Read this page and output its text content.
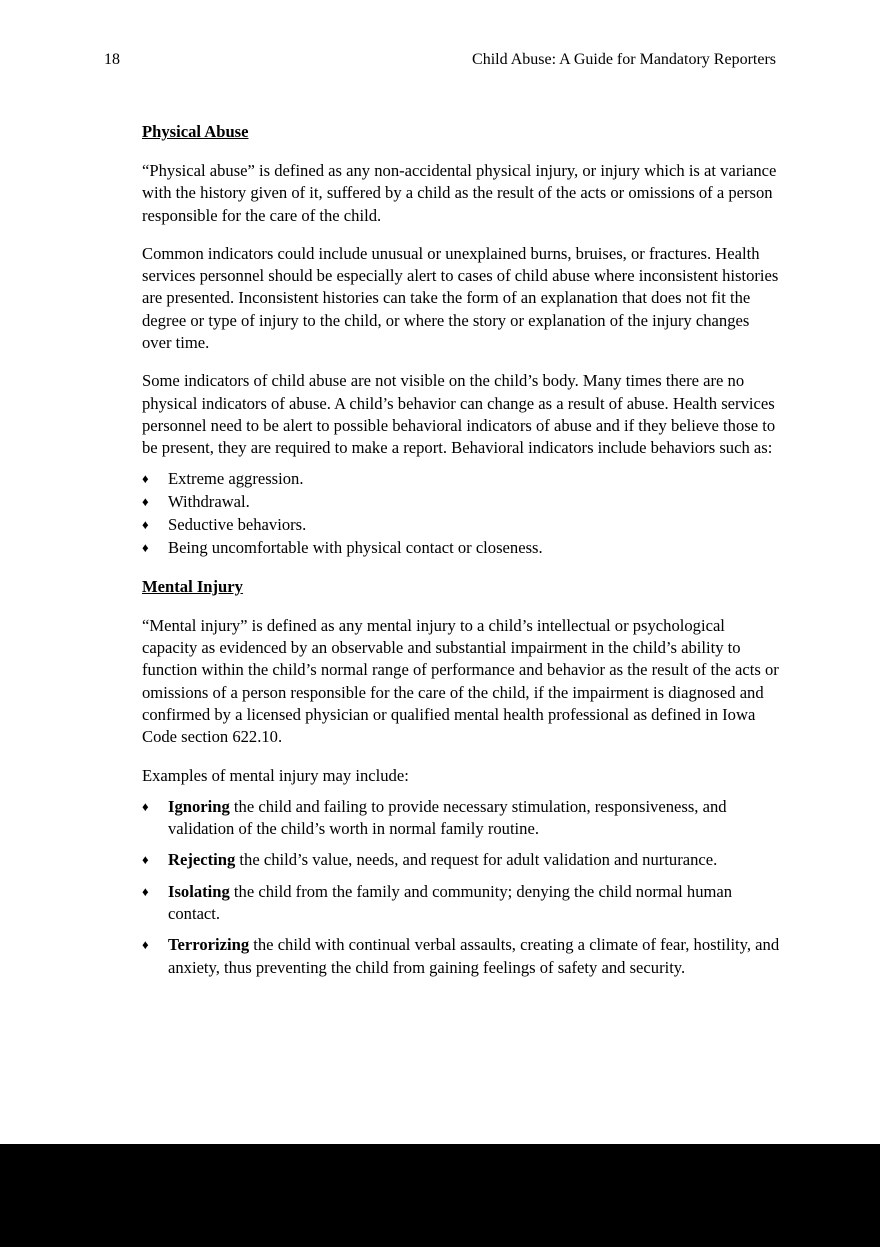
18	Child Abuse: A Guide for Mandatory Reporters
Physical Abuse

“Physical abuse” is defined as any non-accidental physical injury, or injury which is at variance with the history given of it, suffered by a child as the result of the acts or omissions of a person responsible for the care of the child.

Common indicators could include unusual or unexplained burns, bruises, or fractures. Health services personnel should be especially alert to cases of child abuse where inconsistent histories are presented. Inconsistent histories can take the form of an explanation that does not fit the degree or type of injury to the child, or where the story or explanation of the injury changes over time.

Some indicators of child abuse are not visible on the child’s body. Many times there are no physical indicators of abuse. A child’s behavior can change as a result of abuse. Health services personnel need to be alert to possible behavioral indicators of abuse and if they believe those to be present, they are required to make a report. Behavioral indicators include behaviors such as:

♦ Extreme aggression.
♦ Withdrawal.
♦ Seductive behaviors.
♦ Being uncomfortable with physical contact or closeness.
Mental Injury

“Mental injury” is defined as any mental injury to a child’s intellectual or psychological capacity as evidenced by an observable and substantial impairment in the child’s ability to function within the child’s normal range of performance and behavior as the result of the acts or omissions of a person responsible for the care of the child, if the impairment is diagnosed and confirmed by a licensed physician or qualified mental health professional as defined in Iowa Code section 622.10.

Examples of mental injury may include:

♦ Ignoring the child and failing to provide necessary stimulation, responsiveness, and validation of the child’s worth in normal family routine.
♦ Rejecting the child’s value, needs, and request for adult validation and nurturance.
♦ Isolating the child from the family and community; denying the child normal human contact.
♦ Terrorizing the child with continual verbal assaults, creating a climate of fear, hostility, and anxiety, thus preventing the child from gaining feelings of safety and security.
